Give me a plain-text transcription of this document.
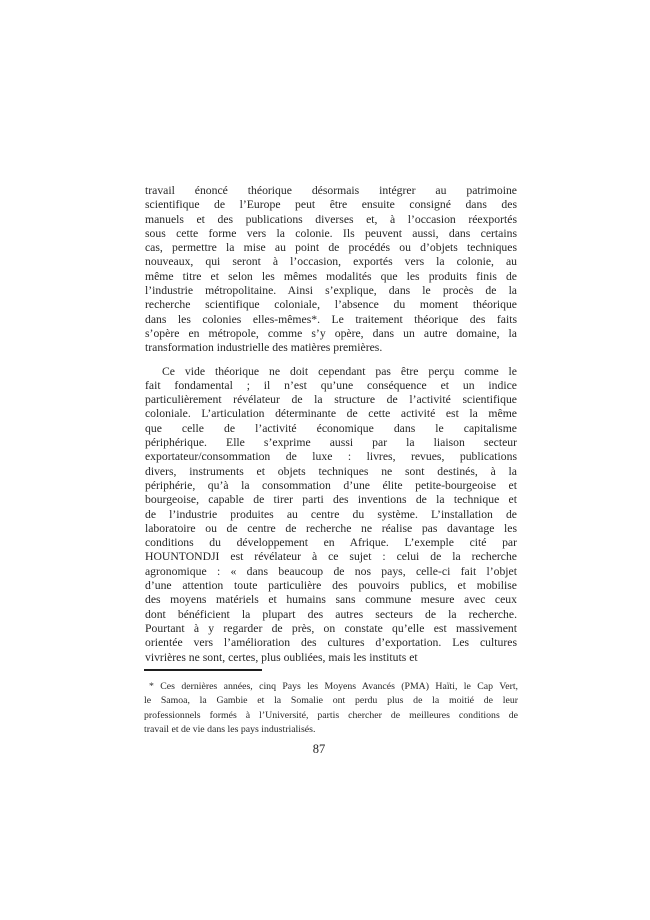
travail énoncé théorique désormais intégrer au patrimoine
scientifique de l’Europe peut être ensuite consigné dans des
manuels et des publications diverses et, à l’occasion réexportés
sous cette forme vers la colonie. Ils peuvent aussi, dans certains
cas, permettre la mise au point de procédés ou d’objets techniques
nouveaux, qui seront à l’occasion, exportés vers la colonie, au
même titre et selon les mêmes modalités que les produits finis de
l’industrie métropolitaine. Ainsi s’explique, dans le procès de la
recherche scientifique coloniale, l’absence du moment théorique
dans les colonies elles-mêmes*. Le traitement théorique des faits
s’opère en métropole, comme s’y opère, dans un autre domaine, la
transformation industrielle des matières premières.
Ce vide théorique ne doit cependant pas être perçu comme le
fait fondamental ; il n’est qu’une conséquence et un indice
particulièrement révélateur de la structure de l’activité scientifique
coloniale. L’articulation déterminante de cette activité est la même
que celle de l’activité économique dans le capitalisme
périphérique. Elle s’exprime aussi par la liaison secteur
exportateur/consommation de luxe : livres, revues, publications
divers, instruments et objets techniques ne sont destinés, à la
périphérie, qu’à la consommation d’une élite petite-bourgeoise et
bourgeoise, capable de tirer parti des inventions de la technique et
de l’industrie produites au centre du système. L’installation de
laboratoire ou de centre de recherche ne réalise pas davantage les
conditions du développement en Afrique. L’exemple cité par
HOUNTONDJI est révélateur à ce sujet : celui de la recherche
agronomique : « dans beaucoup de nos pays, celle-ci fait l’objet
d’une attention toute particulière des pouvoirs publics, et mobilise
des moyens matériels et humains sans commune mesure avec ceux
dont bénéficient la plupart des autres secteurs de la recherche.
Pourtant à y regarder de près, on constate qu’elle est massivement
orientée vers l’amélioration des cultures d’exportation. Les cultures
vivrières ne sont, certes, plus oubliées, mais les instituts et
* Ces dernières années, cinq Pays les Moyens Avancés (PMA) Haïti, le Cap Vert,
le Samoa, la Gambie et la Somalie ont perdu plus de la moitié de leur
professionnels formés à l’Université, partis chercher de meilleures conditions de
travail et de vie dans les pays industrialisés.
87
